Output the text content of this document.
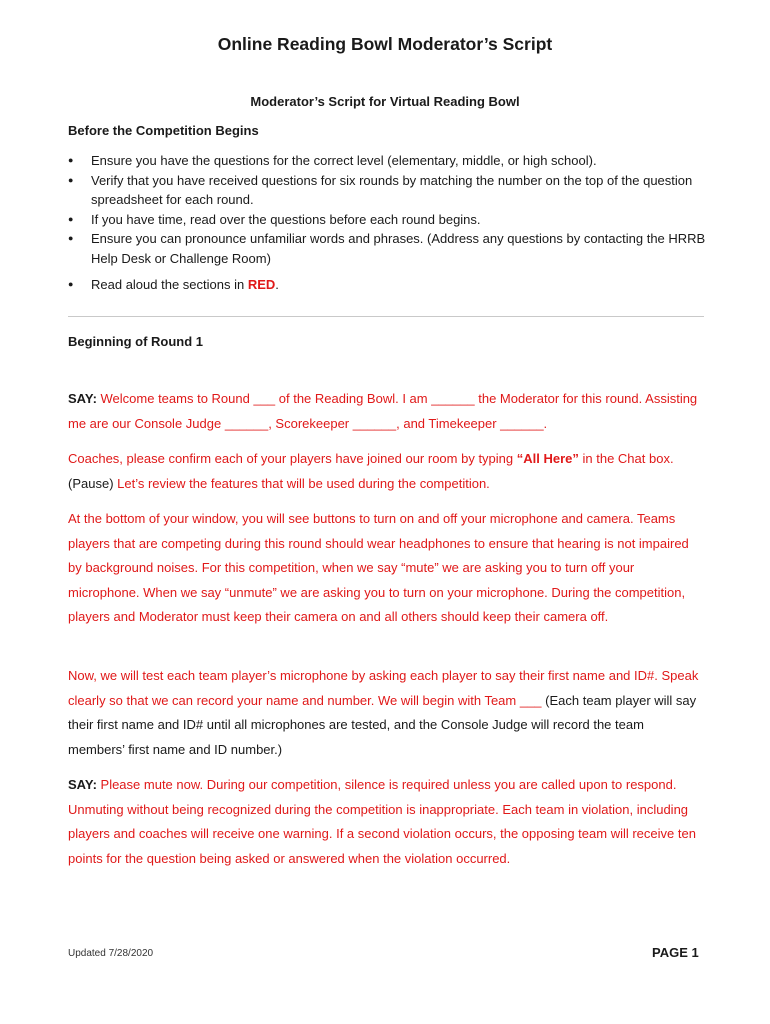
Online Reading Bowl Moderator’s Script
Moderator’s Script for Virtual Reading Bowl
Before the Competition Begins
● Ensure you have the questions for the correct level (elementary, middle, or high school).
● Verify that you have received questions for six rounds by matching the number on the top of the question spreadsheet for each round.
● If you have time, read over the questions before each round begins.
● Ensure you can pronounce unfamiliar words and phrases. (Address any questions by contacting the HRRB Help Desk or Challenge Room)
● Read aloud the sections in RED.
Beginning of Round 1
SAY: Welcome teams to Round ___ of the Reading Bowl. I am ______ the Moderator for this round. Assisting me are our Console Judge ______, Scorekeeper ______, and Timekeeper ______.
Coaches, please confirm each of your players have joined our room by typing “All Here” in the Chat box. (Pause) Let’s review the features that will be used during the competition.
At the bottom of your window, you will see buttons to turn on and off your microphone and camera. Teams players that are competing during this round should wear headphones to ensure that hearing is not impaired by background noises. For this competition, when we say “mute” we are asking you to turn off your microphone. When we say “unmute” we are asking you to turn on your microphone. During the competition, players and Moderator must keep their camera on and all others should keep their camera off.
Now, we will test each team player’s microphone by asking each player to say their first name and ID#. Speak clearly so that we can record your name and number. We will begin with Team ___ (Each team player will say their first name and ID# until all microphones are tested, and the Console Judge will record the team members’ first name and ID number.)
SAY: Please mute now. During our competition, silence is required unless you are called upon to respond. Unmuting without being recognized during the competition is inappropriate. Each team in violation, including players and coaches will receive one warning. If a second violation occurs, the opposing team will receive ten points for the question being asked or answered when the violation occurred.
Updated 7/28/2020	PAGE 1
